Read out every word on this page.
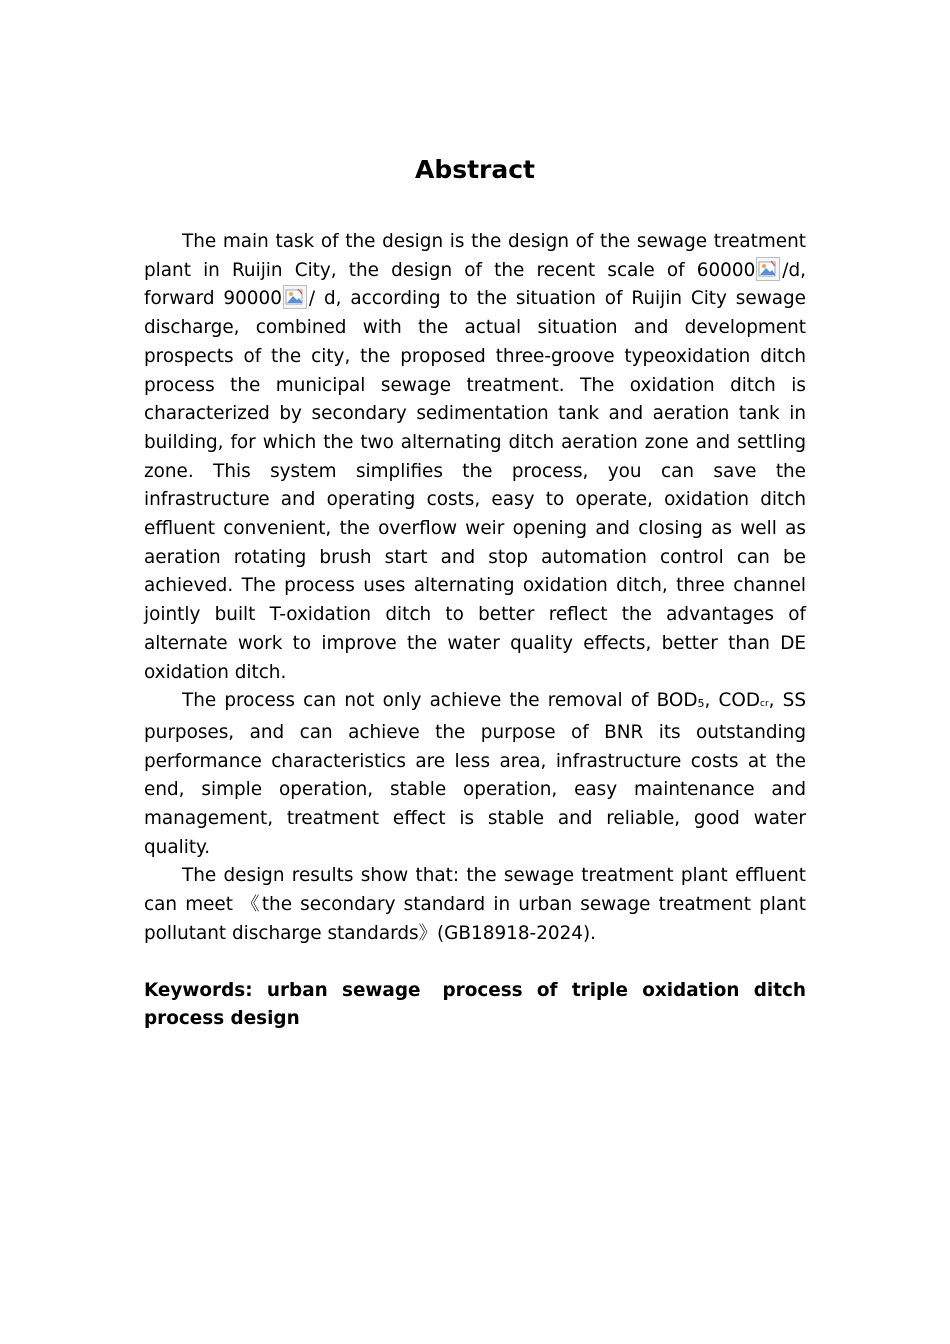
Abstract

The main task of the design is the design of the sewage treatment plant in Ruijin City, the design of the recent scale of 60000 /d, forward 90000 / d, according to the situation of Ruijin City sewage discharge, combined with the actual situation and development prospects of the city, the proposed three-groove typeoxidation ditch process the municipal sewage treatment. The oxidation ditch is characterized by secondary sedimentation tank and aeration tank in building, for which the two alternating ditch aeration zone and settling zone. This system simplifies the process, you can save the infrastructure and operating costs, easy to operate, oxidation ditch effluent convenient, the overflow weir opening and closing as well as aeration rotating brush start and stop automation control can be achieved. The process uses alternating oxidation ditch, three channel jointly built T-oxidation ditch to better reflect the advantages of alternate work to improve the water quality effects, better than DE oxidation ditch.

The process can not only achieve the removal of BOD5, CODcr, SS purposes, and can achieve the purpose of BNR its outstanding performance characteristics are less area, infrastructure costs at the end, simple operation, stable operation, easy maintenance and management, treatment effect is stable and reliable, good water quality.

The design results show that: the sewage treatment plant effluent can meet 《the secondary standard in urban sewage treatment plant pollutant discharge standards》(GB18918-2024).

Keywords: urban sewage process of triple oxidation ditch process design
